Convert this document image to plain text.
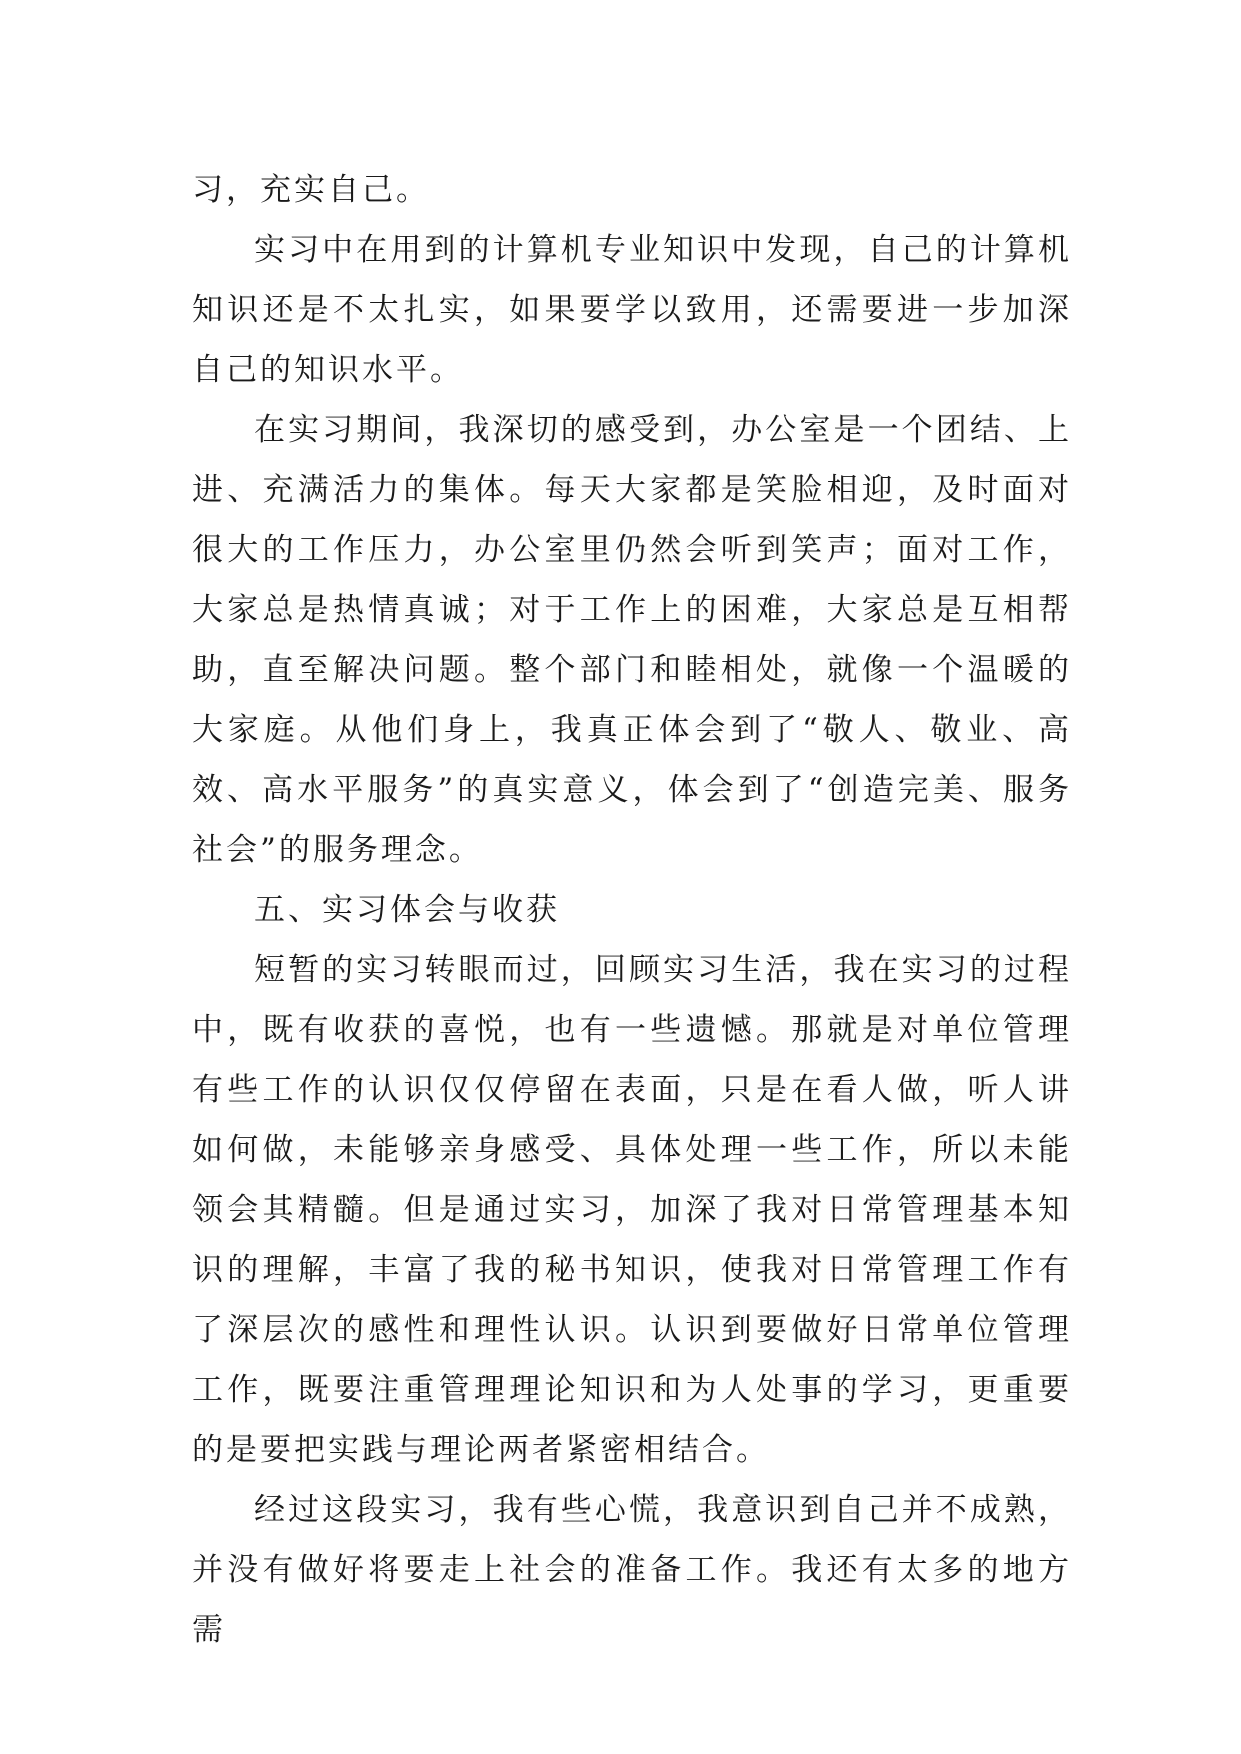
习，充实自己。

实习中在用到的计算机专业知识中发现，自己的计算机知识还是不太扎实，如果要学以致用，还需要进一步加深自己的知识水平。

在实习期间，我深切的感受到，办公室是一个团结、上进、充满活力的集体。每天大家都是笑脸相迎，及时面对很大的工作压力，办公室里仍然会听到笑声；面对工作，大家总是热情真诚；对于工作上的困难，大家总是互相帮助，直至解决问题。整个部门和睦相处，就像一个温暖的大家庭。从他们身上，我真正体会到了“敬人、敬业、高效、高水平服务”的真实意义，体会到了“创造完美、服务社会”的服务理念。

五、实习体会与收获

短暂的实习转眼而过，回顾实习生活，我在实习的过程中，既有收获的喜悦，也有一些遗憾。那就是对单位管理有些工作的认识仅仅停留在表面，只是在看人做，听人讲如何做，未能够亲身感受、具体处理一些工作，所以未能领会其精髓。但是通过实习，加深了我对日常管理基本知识的理解，丰富了我的秘书知识，使我对日常管理工作有了深层次的感性和理性认识。认识到要做好日常单位管理工作，既要注重管理理论知识和为人处事的学习，更重要的是要把实践与理论两者紧密相结合。

经过这段实习，我有些心慌，我意识到自己并不成熟，并没有做好将要走上社会的准备工作。我还有太多的地方需
